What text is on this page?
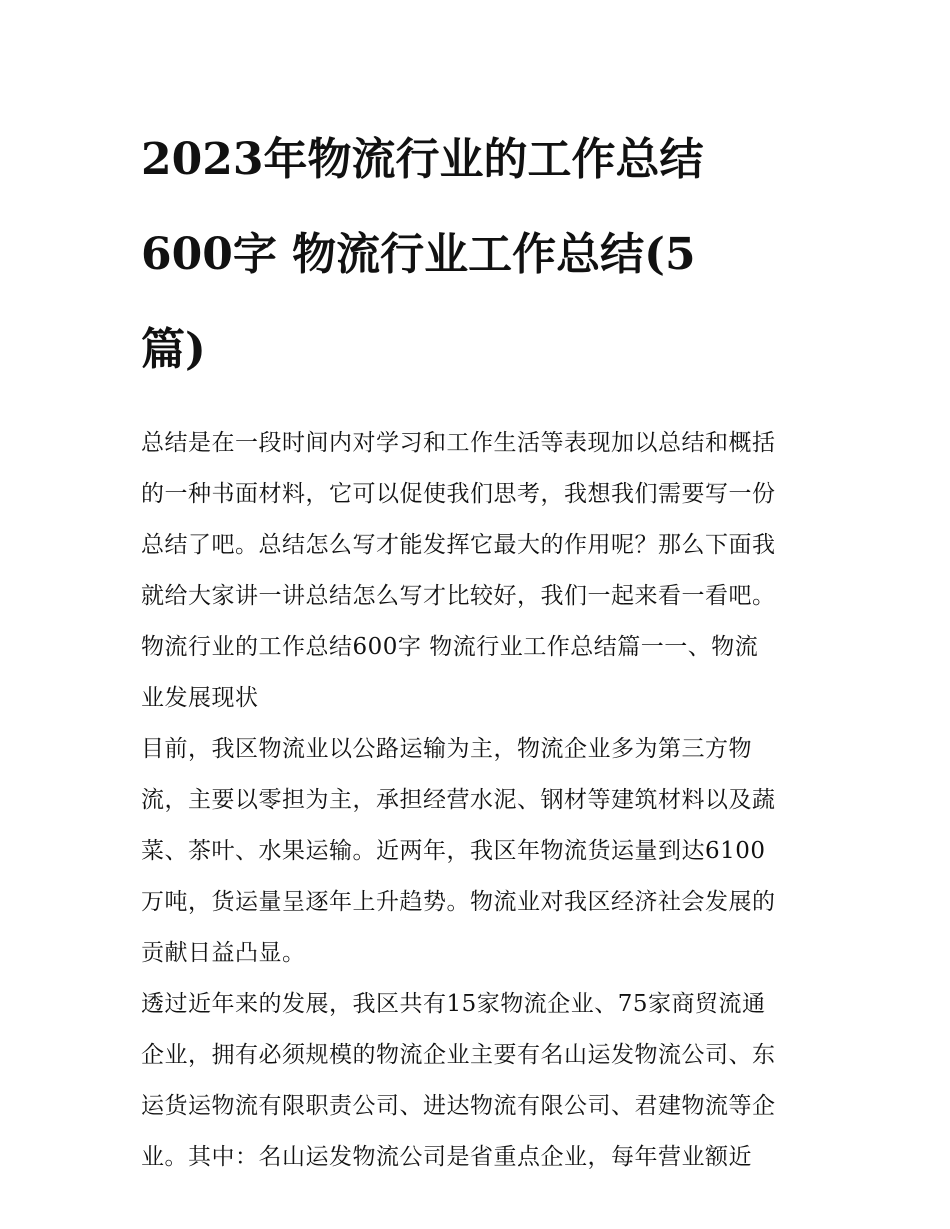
2023年物流行业的工作总结
600字 物流行业工作总结(5
篇)

总结是在一段时间内对学习和工作生活等表现加以总结和概括
的一种书面材料，它可以促使我们思考，我想我们需要写一份
总结了吧。总结怎么写才能发挥它最大的作用呢？那么下面我
就给大家讲一讲总结怎么写才比较好，我们一起来看一看吧。

物流行业的工作总结600字 物流行业工作总结篇一一、物流
业发展现状

目前，我区物流业以公路运输为主，物流企业多为第三方物
流，主要以零担为主，承担经营水泥、钢材等建筑材料以及蔬
菜、茶叶、水果运输。近两年，我区年物流货运量到达6100
万吨，货运量呈逐年上升趋势。物流业对我区经济社会发展的
贡献日益凸显。

透过近年来的发展，我区共有15家物流企业、75家商贸流通
企业，拥有必须规模的物流企业主要有名山运发物流公司、东
运货运物流有限职责公司、进达物流有限公司、君建物流等企
业。其中：名山运发物流公司是省重点企业，每年营业额近
